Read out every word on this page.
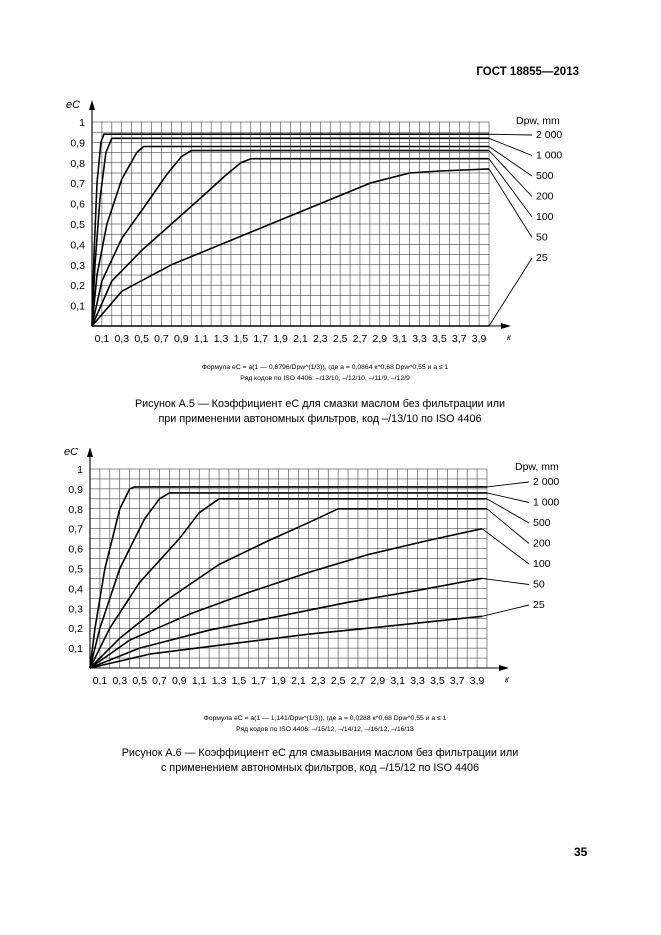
ГОСТ 18855—2013
eC
к
0,1
0,2
0,3
0,4
0,5
0,6
0,7
0,8
0,9
1
0,1 0,3 0,5 0,7 0,9 1,1 1,3 1,5 1,7 1,9 2,1 2,3 2,5 2,7 2,9 3,1 3,3 3,5 3,7 3,9
Dpw, mm
2 000
1 000
500
200
100
50
25
Формула eC = a(1 — 0,6796/Dpw^(1/3)), где a = 0,0864 к^0,68 Dpw^0,55 и a ≤ 1
Ряд кодов по ISO 4406: –/13/10, –/12/10, –/11/9, –/12/9
Рисунок А.5 — Коэффициент eC для смазки маслом без фильтрации или
при применении автономных фильтров, код –/13/10 по ISO 4406
eC
к
0,1
0,2
0,3
0,4
0,5
0,6
0,7
0,8
0,9
1
0,1 0,3 0,5 0,7 0,9 1,1 1,3 1,5 1,7 1,9 2,1 2,3 2,5 2,7 2,9 3,1 3,3 3,5 3,7 3,9
Dpw, mm
2 000
1 000
500
200
100
50
25
Формула eC = a(1 — 1,141/Dpw^(1/3)), где a = 0,0288 к^0,68 Dpw^0,55 и a ≤ 1
Ряд кодов по ISO 4406: –/15/12, –/14/12, –/16/12, –/16/13
Рисунок А.6 — Коэффициент eC для смазывания маслом без фильтрации или
с применением автономных фильтров, код –/15/12 по ISO 4406
35
